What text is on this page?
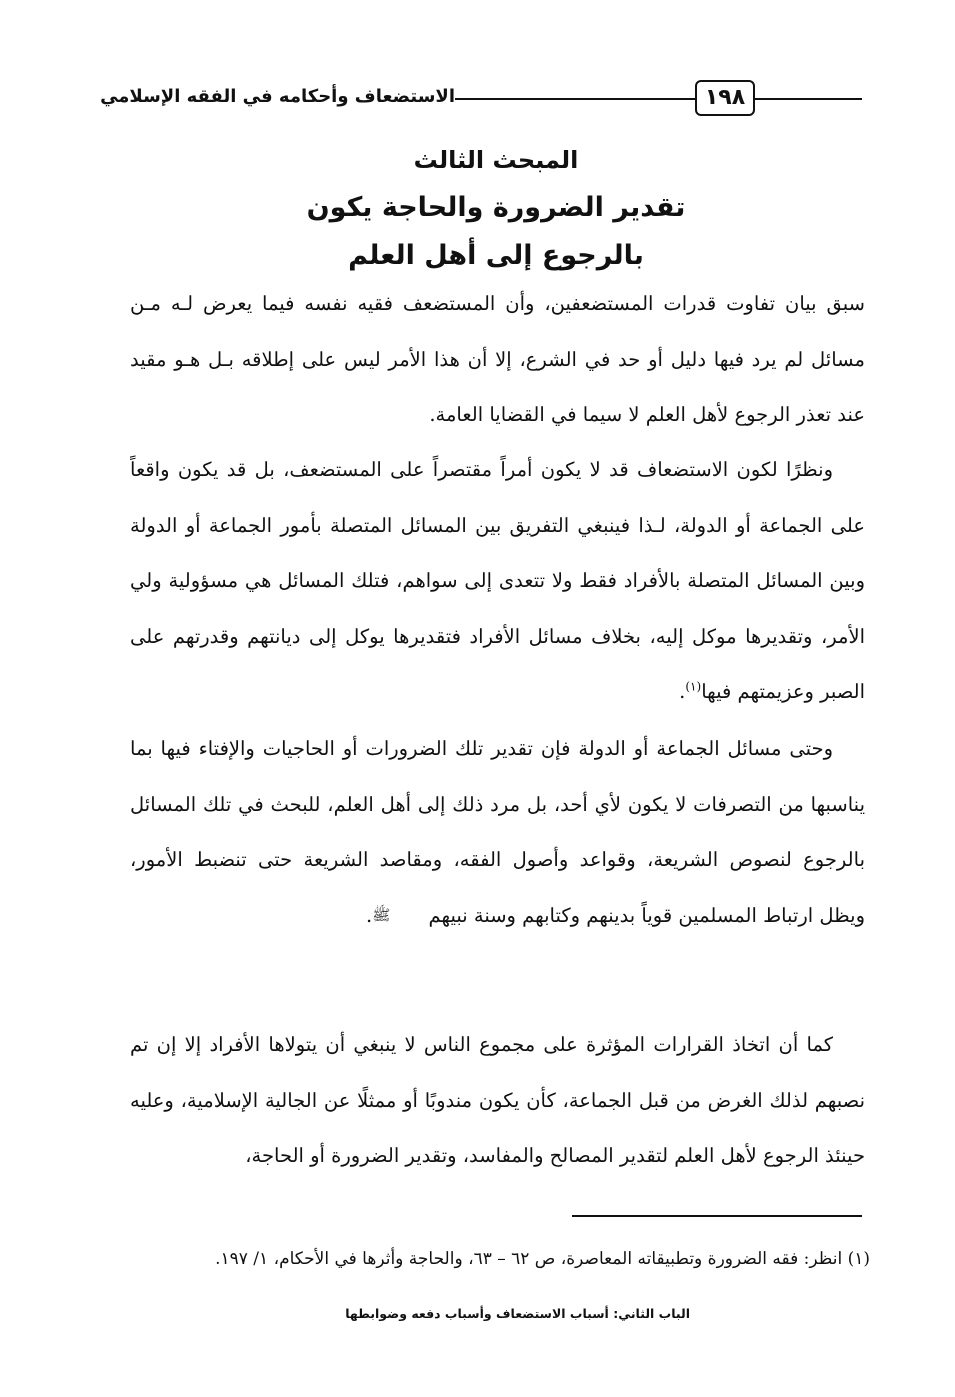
١٩٨
الاستضعاف وأحكامه في الفقه الإسلامي
المبحث الثالث
تقدير الضرورة والحاجة يكون
بالرجوع إلى أهل العلم

سبق بيان تفاوت قدرات المستضعفين، وأن المستضعف فقيه نفسه فيما يعرض لـه مـن مسائل لم يرد فيها دليل أو حد في الشرع، إلا أن هذا الأمر ليس على إطلاقه بـل هـو مقيد عند تعذر الرجوع لأهل العلم لا سيما في القضايا العامة.

ونظرًا لكون الاستضعاف قد لا يكون أمراً مقتصراً على المستضعف، بل قد يكون واقعاً على الجماعة أو الدولة، لـذا فينبغي التفريق بين المسائل المتصلة بأمور الجماعة أو الدولة وبين المسائل المتصلة بالأفراد فقط ولا تتعدى إلى سواهم، فتلك المسائل هي مسؤولية ولي الأمر، وتقديرها موكل إليه، بخلاف مسائل الأفراد فتقديرها يوكل إلى ديانتهم وقدرتهم على الصبر وعزيمتهم فيها$^{(١)}$.

وحتى مسائل الجماعة أو الدولة فإن تقدير تلك الضرورات أو الحاجيات والإفتاء فيها بما يناسبها من التصرفات لا يكون لأي أحد، بل مرد ذلك إلى أهل العلم، للبحث في تلك المسائل بالرجوع لنصوص الشريعة، وقواعد وأصول الفقه، ومقاصد الشريعة حتى تنضبط الأمور، ويظل ارتباط المسلمين قوياً بدينهم وكتابهم وسنة نبيهم ﷺ.

كما أن اتخاذ القرارات المؤثرة على مجموع الناس لا ينبغي أن يتولاها الأفراد إلا إن تم نصبهم لذلك الغرض من قبل الجماعة، كأن يكون مندوبًا أو ممثلًا عن الجالية الإسلامية، وعليه حينئذ الرجوع لأهل العلم لتقدير المصالح والمفاسد، وتقدير الضرورة أو الحاجة،

(١) انظر: فقه الضرورة وتطبيقاته المعاصرة، ص ٦٢ – ٦٣، والحاجة وأثرها في الأحكام، ١/ ١٩٧.
الباب الثاني: أسباب الاستضعاف وأسباب دفعه وضوابطها
